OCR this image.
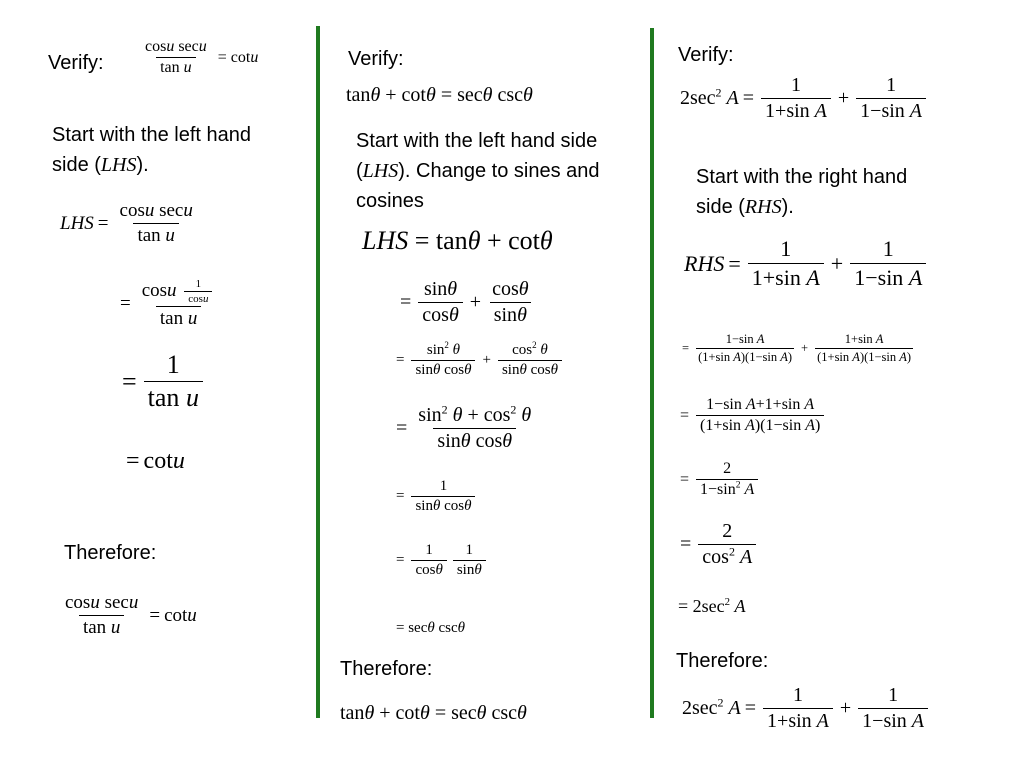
Verify: $\frac{\text{cosu secu}}{\text{tan u}} = \cot u$
Start with the left hand side (LHS).
LHS = $\frac{\text{cosu secu}}{\text{tan u}}$
= $\frac{\cos u \frac{1}{\cos u}}{\text{tan u}}$
= $\frac{1}{\text{tan u}}$
= cotu
Therefore:
$\frac{\text{cosu secu}}{\text{tan u}} = \cot u$
Verify:
tanθ + cotθ = secθ cscθ
Start with the left hand side (LHS). Change to sines and cosines
LHS = tanθ + cotθ
= $\frac{\sin\theta}{\cos\theta} + \frac{\cos\theta}{\sin\theta}$
= $\frac{\sin^2 \theta}{\text{sinθ cosθ}} + \frac{\cos^2 \theta}{\text{sinθ cosθ}}$
= $\frac{\sin^2 \theta + \cos^2 \theta}{\text{sinθ cosθ}}$
= $\frac{1}{\text{sinθ cosθ}}$
= $\frac{1}{\cos\theta} \frac{1}{\sin\theta}$
= secθ cscθ
Therefore:
tanθ + cotθ = secθ cscθ
Verify:
$2\sec^2$ $A = \frac{1}{\text{1+sin A}} + \frac{1}{\text{1−sin A}}$
Start with the right hand side (RHS).
RHS = $\frac{1}{\text{1+sin A}} + \frac{1}{\text{1−sin A}}$
= $\frac{\text{1−sin A}}{\text{(1+sin A)(1−sin A)}} + \frac{\text{1+sin A}}{\text{(1+sin A)(1−sin A)}}$
= $\frac{\text{1−sin A+1+sin A}}{\text{(1+sin A)(1−sin A)}}$
= $\frac{2}{1-\sin^2 A}$
= $\frac{2}{\cos^2 A}$
= $2\sec^2$ A
Therefore:
$2\sec^2$ $A = \frac{1}{\text{1+sin A}} + \frac{1}{\text{1−sin A}}$
